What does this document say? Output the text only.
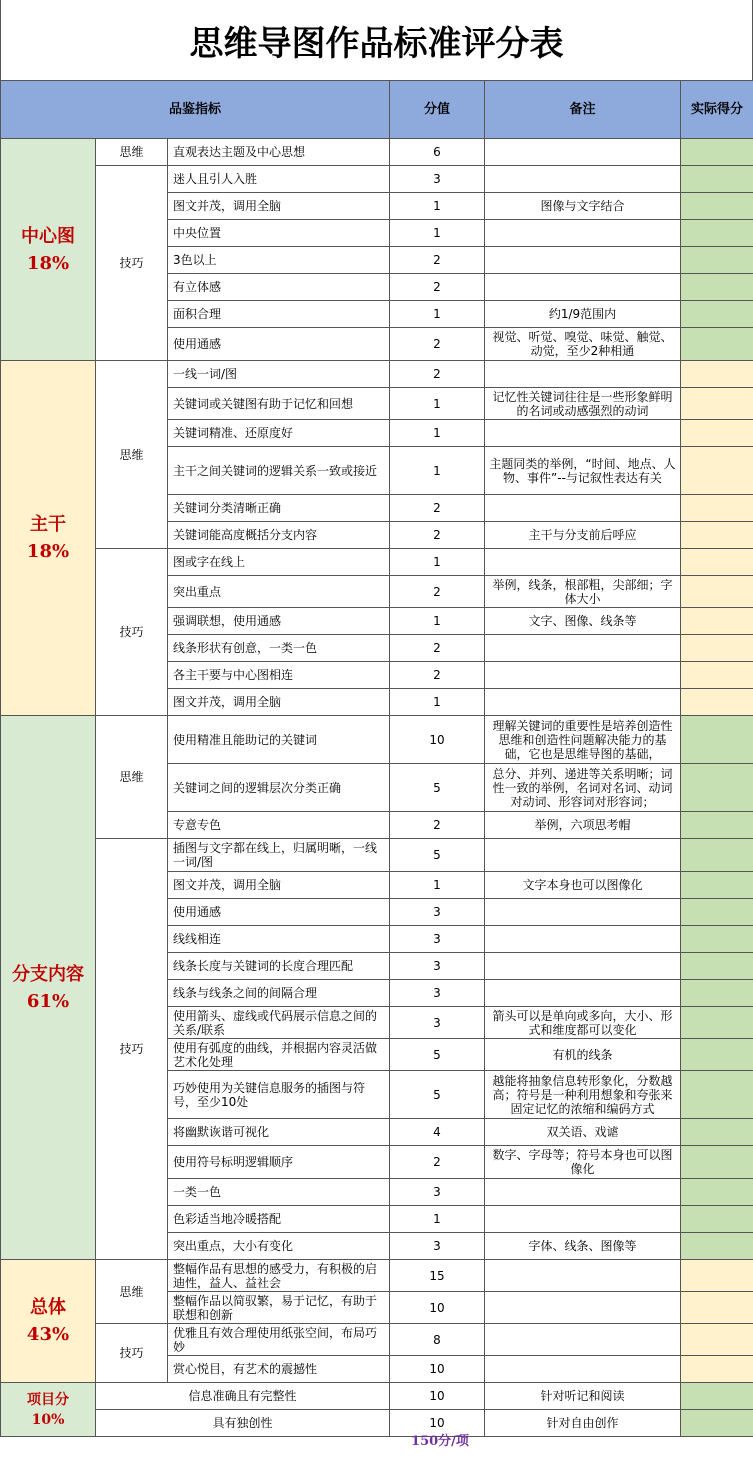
思维导图作品标准评分表
品鉴指标			分值	备注	实际得分
中心图
18%	思维	直观表达主题及中心思想	6		
	技巧	迷人且引人入胜	3		
		图文并茂，调用全脑	1	图像与文字结合	
		中央位置	1		
		3色以上	2		
		有立体感	2		
		面积合理	1	约1/9范围内	
		使用通感	2	视觉、听觉、嗅觉、味觉、触觉、动觉，至少2种相通	
主干
18%	思维	一线一词/图	2		
		关键词或关键图有助于记忆和回想	1	记忆性关键词往往是一些形象鲜明的名词或动感强烈的动词	
		关键词精准、还原度好	1		
		主干之间关键词的逻辑关系一致或接近	1	主题同类的举例，“时间、地点、人物、事件”--与记叙性表达有关	
		关键词分类清晰正确	2		
		关键词能高度概括分支内容	2	主干与分支前后呼应	
	技巧	图或字在线上	1		
		突出重点	2	举例，线条，根部粗，尖部细；字体大小	
		强调联想，使用通感	1	文字、图像、线条等	
		线条形状有创意，一类一色	2		
		各主干要与中心图相连	2		
		图文并茂，调用全脑	1		
分支内容
61%	思维	使用精准且能助记的关键词	10	理解关键词的重要性是培养创造性思维和创造性问题解决能力的基础，它也是思维导图的基础，	
		关键词之间的逻辑层次分类正确	5	总分、并列、递进等关系明晰；词性一致的举例，名词对名词、动词对动词、形容词对形容词；	
		专意专色	2	举例，六项思考帽	
	技巧	插图与文字都在线上，归属明晰，一线一词/图	5		
		图文并茂，调用全脑	1	文字本身也可以图像化	
		使用通感	3		
		线线相连	3		
		线条长度与关键词的长度合理匹配	3		
		线条与线条之间的间隔合理	3		
		使用箭头、虚线或代码展示信息之间的关系/联系	3	箭头可以是单向或多向，大小、形式和维度都可以变化	
		使用有弧度的曲线，并根据内容灵活做艺术化处理	5	有机的线条	
		巧妙使用为关键信息服务的插图与符号，至少10处	5	越能将抽象信息转形象化，分数越高；符号是一种利用想象和夸张来固定记忆的浓缩和编码方式	
		将幽默诙谐可视化	4	双关语、戏谑	
		使用符号标明逻辑顺序	2	数字、字母等；符号本身也可以图像化	
		一类一色	3		
		色彩适当地冷暖搭配	1		
		突出重点，大小有变化	3	字体、线条、图像等	
总体
43%	思维	整幅作品有思想的感受力，有积极的启迪性，益人、益社会	15		
		整幅作品以简驭繁，易于记忆，有助于联想和创新	10		
	技巧	优雅且有效合理使用纸张空间，布局巧妙	8		
		赏心悦目，有艺术的震撼性	10		
项目分
10%	信息准确且有完整性		10	针对听记和阅读	
	具有独创性		10	针对自由创作	
150分/项
